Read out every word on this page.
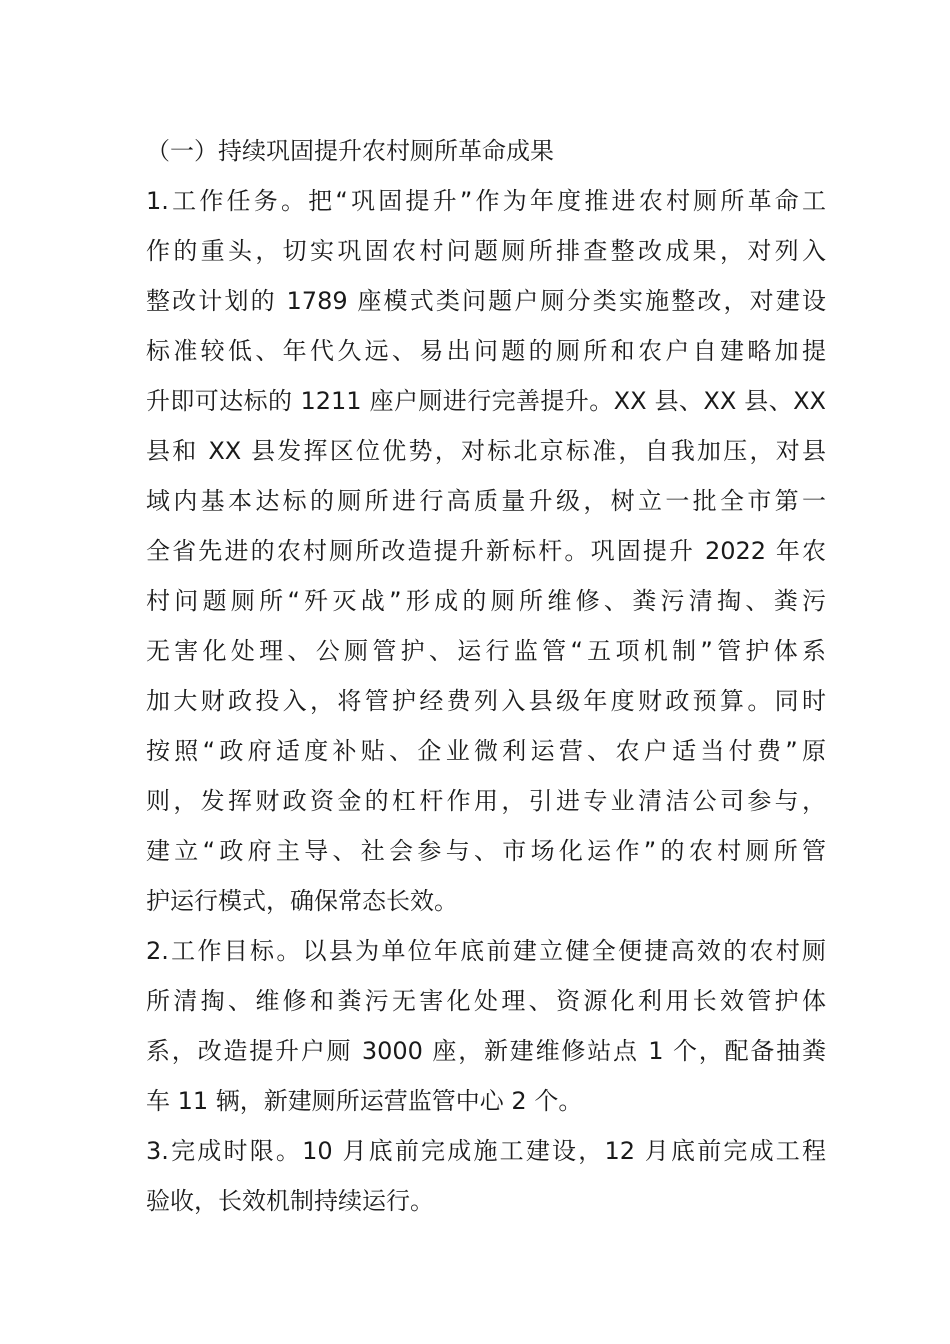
（一）持续巩固提升农村厕所革命成果
1.工作任务。把“巩固提升”作为年度推进农村厕所革命工
作的重头，切实巩固农村问题厕所排查整改成果，对列入
整改计划的 1789 座模式类问题户厕分类实施整改，对建设
标准较低、年代久远、易出问题的厕所和农户自建略加提
升即可达标的 1211 座户厕进行完善提升。XX 县、XX 县、XX
县和 XX 县发挥区位优势，对标北京标准，自我加压，对县
域内基本达标的厕所进行高质量升级，树立一批全市第一
全省先进的农村厕所改造提升新标杆。巩固提升 2022 年农
村问题厕所“歼灭战”形成的厕所维修、粪污清掏、粪污
无害化处理、公厕管护、运行监管“五项机制”管护体系
加大财政投入，将管护经费列入县级年度财政预算。同时
按照“政府适度补贴、企业微利运营、农户适当付费”原
则，发挥财政资金的杠杆作用，引进专业清洁公司参与，
建立“政府主导、社会参与、市场化运作”的农村厕所管
护运行模式，确保常态长效。
2.工作目标。以县为单位年底前建立健全便捷高效的农村厕
所清掏、维修和粪污无害化处理、资源化利用长效管护体
系，改造提升户厕 3000 座，新建维修站点 1 个，配备抽粪
车 11 辆，新建厕所运营监管中心 2 个。
3.完成时限。10 月底前完成施工建设，12 月底前完成工程
验收，长效机制持续运行。
